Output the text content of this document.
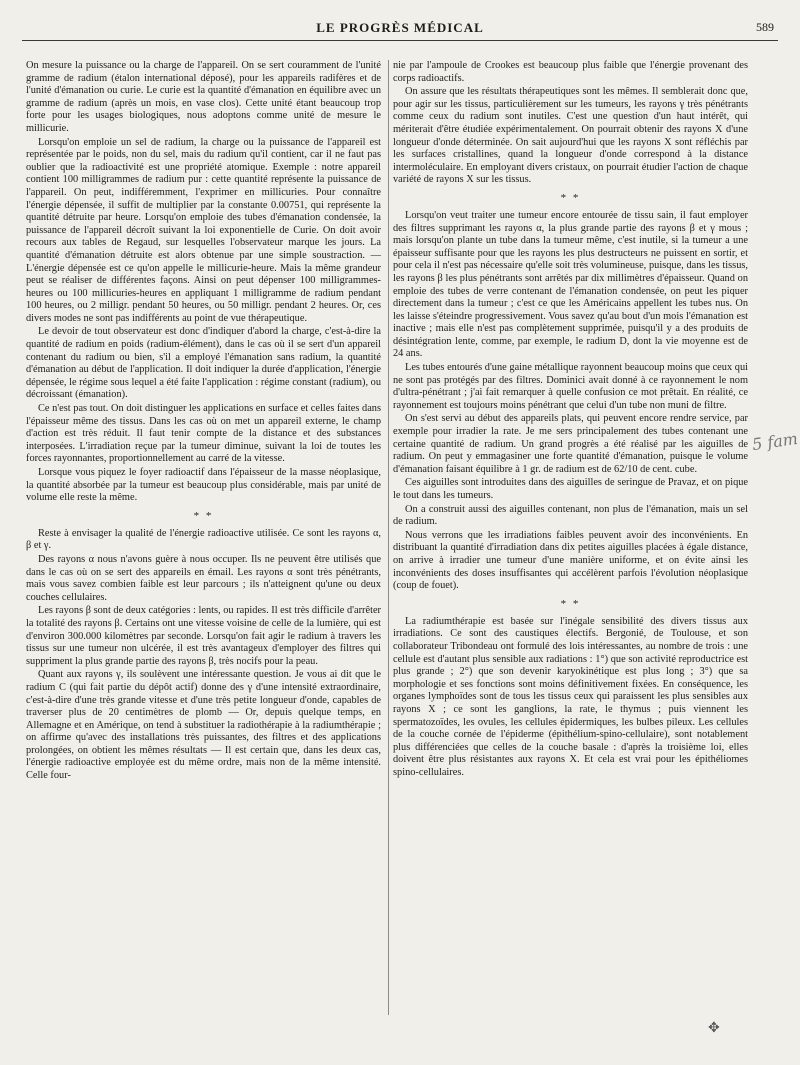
LE PROGRÈS MÉDICAL	589

On mesure la puissance ou la charge de l'appareil. On se sert couramment de l'unité gramme de radium (étalon international déposé), pour les appareils radifères et de l'unité d'émanation ou curie. Le curie est la quantité d'émanation en équilibre avec un gramme de radium (après un mois, en vase clos). Cette unité étant beaucoup trop forte pour les usages biologiques, nous adoptons comme unité de mesure le millicurie.

Lorsqu'on emploie un sel de radium, la charge ou la puissance de l'appareil est représentée par le poids, non du sel, mais du radium qu'il contient, car il ne faut pas oublier que la radioactivité est une propriété atomique. Exemple : notre appareil contient 100 milligrammes de radium pur : cette quantité représente la puissance de l'appareil. On peut, indifféremment, l'exprimer en millicuries. Pour connaître l'énergie dépensée, il suffit de multiplier par la constante 0.00751, qui représente la quantité détruite par heure. Lorsqu'on emploie des tubes d'émanation condensée, la puissance de l'appareil décroît suivant la loi exponentielle de Curie. On doit avoir recours aux tables de Regaud, sur lesquelles l'observateur marque les jours. La quantité d'émanation détruite est alors obtenue par une simple soustraction. — L'énergie dépensée est ce qu'on appelle le millicurie-heure. Mais la même grandeur peut se réaliser de différentes façons. Ainsi on peut dépenser 100 milligrammes-heures ou 100 millicuries-heures en appliquant 1 milligramme de radium pendant 100 heures, ou 2 milligr. pendant 50 heures, ou 50 milligr. pendant 2 heures. Or, ces divers modes ne sont pas indifférents au point de vue thérapeutique.

Le devoir de tout observateur est donc d'indiquer d'abord la charge, c'est-à-dire la quantité de radium en poids (radium-élément), dans le cas où il se sert d'un appareil contenant du radium ou bien, s'il a employé l'émanation sans radium, la quantité d'émanation au début de l'application. Il doit indiquer la durée d'application, l'énergie dépensée, le régime sous lequel a été faite l'application : régime constant (radium), ou décroissant (émanation).

Ce n'est pas tout. On doit distinguer les applications en surface et celles faites dans l'épaisseur même des tissus. Dans les cas où on met un appareil externe, le champ d'action est très réduit. Il faut tenir compte de la distance et des substances interposées. L'irradiation reçue par la tumeur diminue, suivant la loi de toutes les forces rayonnantes, proportionnellement au carré de la vitesse.

Lorsque vous piquez le foyer radioactif dans l'épaisseur de la masse néoplasique, la quantité absorbée par la tumeur est beaucoup plus considérable, mais par unité de volume elle reste la même.

* *

Reste à envisager la qualité de l'énergie radioactive utilisée. Ce sont les rayons α, β et γ.

Des rayons α nous n'avons guère à nous occuper. Ils ne peuvent être utilisés que dans le cas où on se sert des appareils en émail. Les rayons α sont très pénétrants, mais vous savez combien faible est leur parcours ; ils n'atteignent qu'une ou deux couches cellulaires.

Les rayons β sont de deux catégories : lents, ou rapides. Il est très difficile d'arrêter la totalité des rayons β. Certains ont une vitesse voisine de celle de la lumière, qui est d'environ 300.000 kilomètres par seconde. Lorsqu'on fait agir le radium à travers les tissus sur une tumeur non ulcérée, il est très avantageux d'employer des filtres qui suppriment la plus grande partie des rayons β, très nocifs pour la peau.

Quant aux rayons γ, ils soulèvent une intéressante question. Je vous ai dit que le radium C (qui fait partie du dépôt actif) donne des γ d'une intensité extraordinaire, c'est-à-dire d'une très grande vitesse et d'une très petite longueur d'onde, capables de traverser plus de 20 centimètres de plomb — Or, depuis quelque temps, en Allemagne et en Amérique, on tend à substituer la radiothérapie à la radiumthérapie ; on affirme qu'avec des installations très puissantes, des filtres et des applications prolongées, on obtient les mêmes résultats — Il est certain que, dans les deux cas, l'énergie radioactive employée est du même ordre, mais non de la même intensité. Celle four-

nie par l'ampoule de Crookes est beaucoup plus faible que l'énergie provenant des corps radioactifs.

On assure que les résultats thérapeutiques sont les mêmes. Il semblerait donc que, pour agir sur les tissus, particulièrement sur les tumeurs, les rayons γ très pénétrants comme ceux du radium sont inutiles. C'est une question d'un haut intérêt, qui mériterait d'être étudiée expérimentalement. On pourrait obtenir des rayons X d'une longueur d'onde déterminée. On sait aujourd'hui que les rayons X sont réfléchis par les surfaces cristallines, quand la longueur d'onde correspond à la distance intermoléculaire. En employant divers cristaux, on pourrait étudier l'action de chaque variété de rayons X sur les tissus.

* *

Lorsqu'on veut traiter une tumeur encore entourée de tissu sain, il faut employer des filtres supprimant les rayons α, la plus grande partie des rayons β et γ mous ; mais lorsqu'on plante un tube dans la tumeur même, c'est inutile, si la tumeur a une épaisseur suffisante pour que les rayons les plus destructeurs ne puissent en sortir, et pour cela il n'est pas nécessaire qu'elle soit très volumineuse, puisque, dans les tissus, les rayons β les plus pénétrants sont arrêtés par dix millimètres d'épaisseur. Quand on emploie des tubes de verre contenant de l'émanation condensée, on peut les piquer directement dans la tumeur ; c'est ce que les Américains appellent les tubes nus. On les laisse s'éteindre progressivement. Vous savez qu'au bout d'un mois l'émanation est inactive ; mais elle n'est pas complètement supprimée, puisqu'il y a des produits de désintégration lente, comme, par exemple, le radium D, dont la vie moyenne est de 24 ans.

Les tubes entourés d'une gaine métallique rayonnent beaucoup moins que ceux qui ne sont pas protégés par des filtres. Dominici avait donné à ce rayonnement le nom d'ultra-pénétrant ; j'ai fait remarquer à quelle confusion ce mot prêtait. En réalité, ce rayonnement est toujours moins pénétrant que celui d'un tube non muni de filtre.

On s'est servi au début des appareils plats, qui peuvent encore rendre service, par exemple pour irradier la rate. Je me sers principalement des tubes contenant une certaine quantité de radium. Un grand progrès a été réalisé par les aiguilles de radium. On peut y emmagasiner une forte quantité d'émanation, puisque le volume d'émanation faisant équilibre à 1 gr. de radium est de 62/10 de cent. cube.

Ces aiguilles sont introduites dans des aiguilles de seringue de Pravaz, et on pique le tout dans les tumeurs.

On a construit aussi des aiguilles contenant, non plus de l'émanation, mais un sel de radium.

Nous verrons que les irradiations faibles peuvent avoir des inconvénients. En distribuant la quantité d'irradiation dans dix petites aiguilles placées à égale distance, on arrive à irradier une tumeur d'une manière uniforme, et on évite ainsi les inconvénients des doses insuffisantes qui accélèrent parfois l'évolution néoplasique (coup de fouet).

* *

La radiumthérapie est basée sur l'inégale sensibilité des divers tissus aux irradiations. Ce sont des caustiques électifs. Bergonié, de Toulouse, et son collaborateur Tribondeau ont formulé des lois intéressantes, au nombre de trois : une cellule est d'autant plus sensible aux radiations : 1°) que son activité reproductrice est plus grande ; 2°) que son devenir karyokinétique est plus long ; 3°) que sa morphologie et ses fonctions sont moins définitivement fixées. En conséquence, les organes lymphoïdes sont de tous les tissus ceux qui paraissent les plus sensibles aux rayons X ; ce sont les ganglions, la rate, le thymus ; puis viennent les spermatozoïdes, les ovules, les cellules épidermiques, les bulbes pileux. Les cellules de la couche cornée de l'épiderme (épithélium-spino-cellulaire), sont notablement plus différenciées que celles de la couche basale : d'après la troisième loi, elles doivent être plus résistantes aux rayons X. Et cela est vrai pour les épithéliomes spino-cellulaires.

5 fam
✥
